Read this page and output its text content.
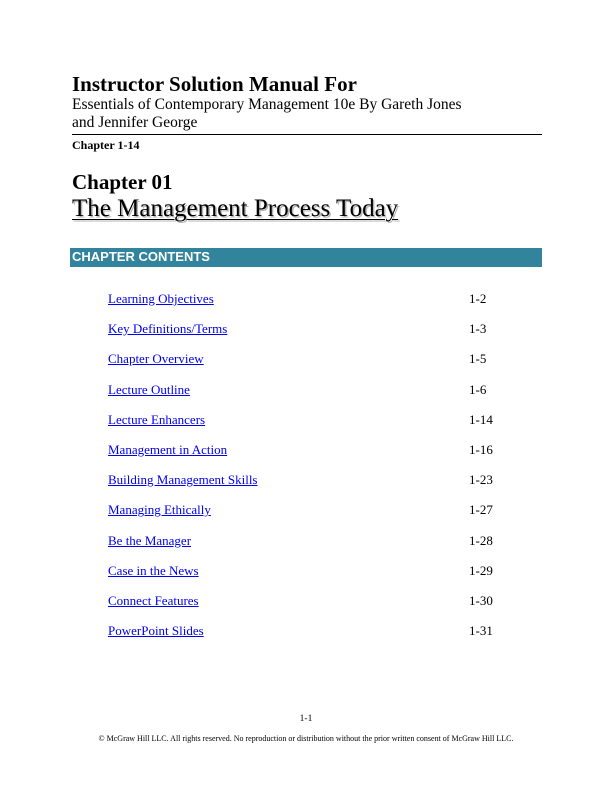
Instructor Solution Manual For
Essentials of Contemporary Management 10e By Gareth Jones and Jennifer George
Chapter 1-14
Chapter 01
The Management Process Today
CHAPTER CONTENTS
Learning Objectives	1-2
Key Definitions/Terms	1-3
Chapter Overview	1-5
Lecture Outline	1-6
Lecture Enhancers	1-14
Management in Action	1-16
Building Management Skills	1-23
Managing Ethically	1-27
Be the Manager	1-28
Case in the News	1-29
Connect Features	1-30
PowerPoint Slides	1-31
1-1
© McGraw Hill LLC. All rights reserved. No reproduction or distribution without the prior written consent of McGraw Hill LLC.
